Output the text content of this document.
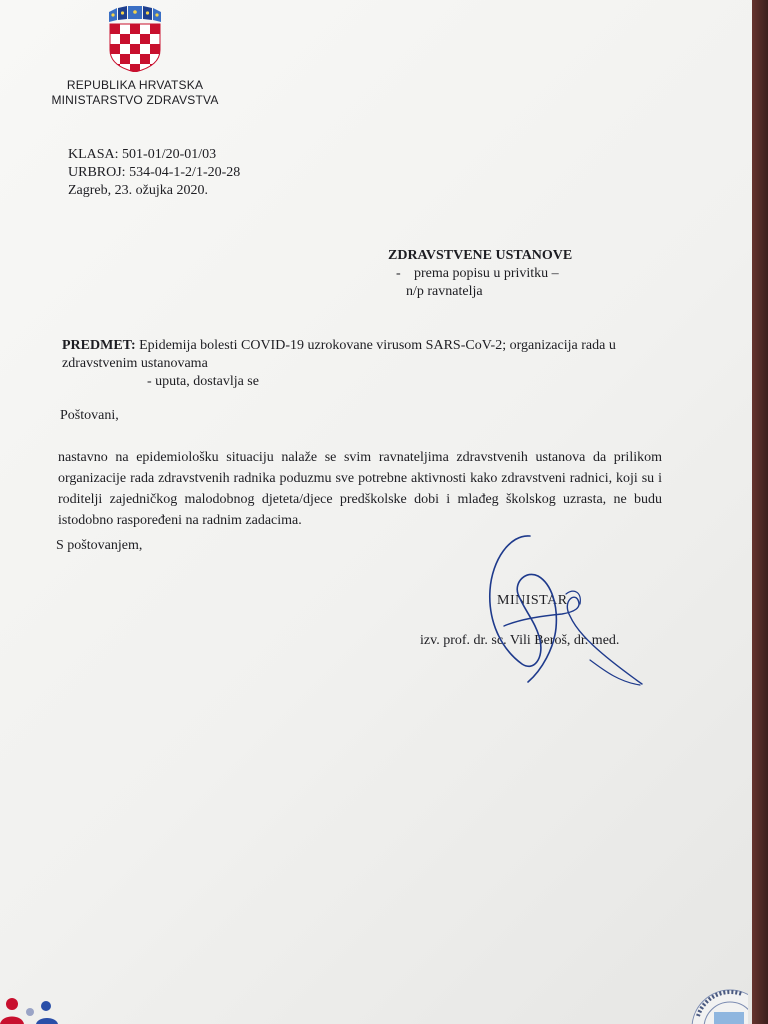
REPUBLIKA HRVATSKA
MINISTARSTVO ZDRAVSTVA
KLASA: 501-01/20-01/03
URBROJ: 534-04-1-2/1-20-28
Zagreb, 23. ožujka 2020.
ZDRAVSTVENE USTANOVE
- prema popisu u privitku –
n/p ravnatelja
PREDMET: Epidemija bolesti COVID-19 uzrokovane virusom SARS-CoV-2; organizacija rada u zdravstvenim ustanovama
- uputa, dostavlja se
Poštovani,
nastavno na epidemiološku situaciju nalaže se svim ravnateljima zdravstvenih ustanova da prilikom organizacije rada zdravstvenih radnika poduzmu sve potrebne aktivnosti kako zdravstveni radnici, koji su i roditelji zajedničkog malodobnog djeteta/djece predškolske dobi i mlađeg školskog uzrasta, ne budu istodobno raspoređeni na radnim zadacima.
S poštovanjem,
MINISTAR
izv. prof. dr. sc. Vili Beroš, dr. med.
